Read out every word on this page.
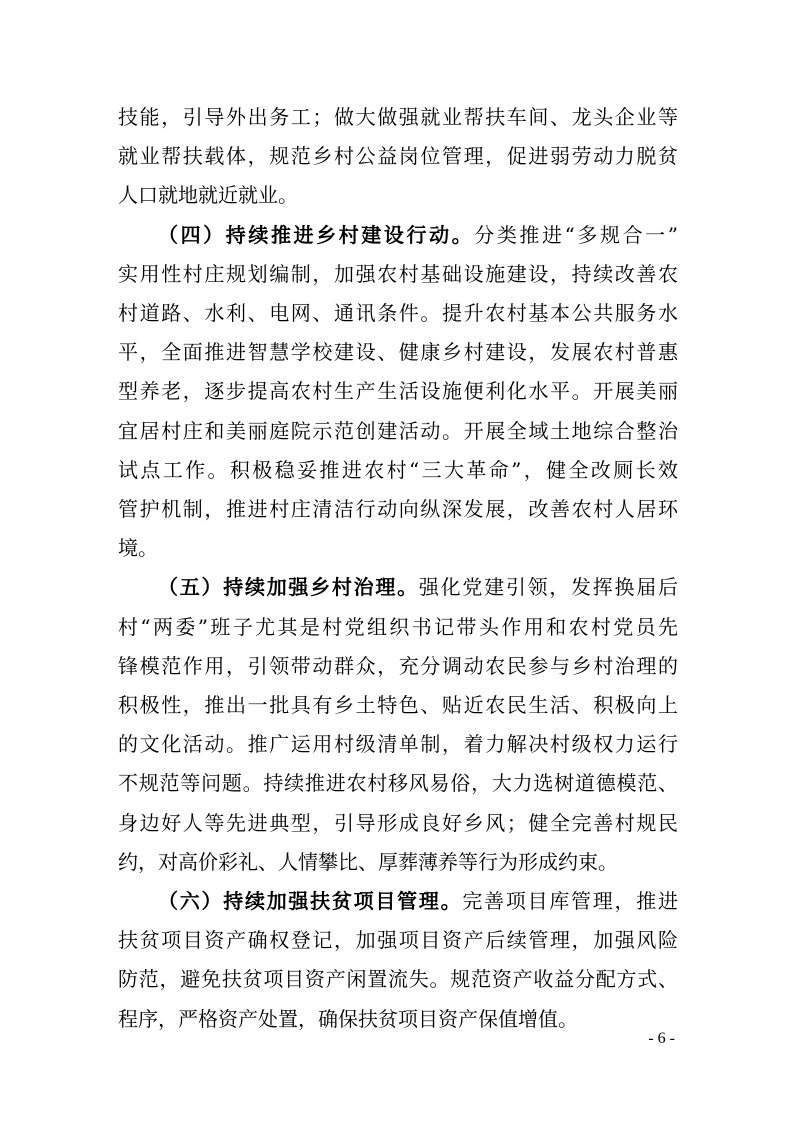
技能，引导外出务工；做大做强就业帮扶车间、龙头企业等
就业帮扶载体，规范乡村公益岗位管理，促进弱劳动力脱贫
人口就地就近就业。
（四）持续推进乡村建设行动。分类推进“多规合一”
实用性村庄规划编制，加强农村基础设施建设，持续改善农
村道路、水利、电网、通讯条件。提升农村基本公共服务水
平，全面推进智慧学校建设、健康乡村建设，发展农村普惠
型养老，逐步提高农村生产生活设施便利化水平。开展美丽
宜居村庄和美丽庭院示范创建活动。开展全域土地综合整治
试点工作。积极稳妥推进农村“三大革命”，健全改厕长效
管护机制，推进村庄清洁行动向纵深发展，改善农村人居环
境。
（五）持续加强乡村治理。强化党建引领，发挥换届后
村“两委”班子尤其是村党组织书记带头作用和农村党员先
锋模范作用，引领带动群众，充分调动农民参与乡村治理的
积极性，推出一批具有乡土特色、贴近农民生活、积极向上
的文化活动。推广运用村级清单制，着力解决村级权力运行
不规范等问题。持续推进农村移风易俗，大力选树道德模范、
身边好人等先进典型，引导形成良好乡风；健全完善村规民
约，对高价彩礼、人情攀比、厚葬薄养等行为形成约束。
（六）持续加强扶贫项目管理。完善项目库管理，推进
扶贫项目资产确权登记，加强项目资产后续管理，加强风险
防范，避免扶贫项目资产闲置流失。规范资产收益分配方式、
程序，严格资产处置，确保扶贫项目资产保值增值。
- 6 -
